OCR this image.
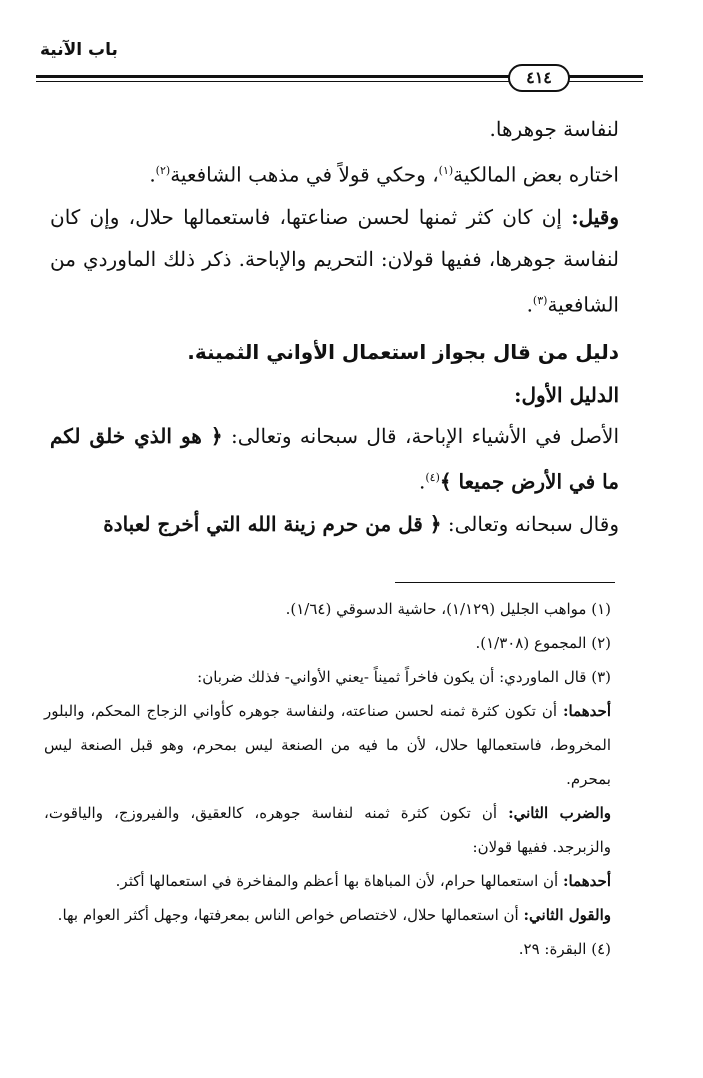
باب الآنية
٤١٤

لنفاسة جوهرها.

اختاره بعض المالكية$^{(١)}$، وحكي قولاً في مذهب الشافعية$^{(٢)}$.

وقيل: إن كان كثر ثمنها لحسن صناعتها، فاستعمالها حلال، وإن كان لنفاسة جوهرها، ففيها قولان: التحريم والإباحة. ذكر ذلك الماوردي من الشافعية$^{(٣)}$.

دليل من قال بجواز استعمال الأواني الثمينة.

الدليل الأول:

الأصل في الأشياء الإباحة، قال سبحانه وتعالى: ﴿ هو الذي خلق لكم ما في الأرض جميعا ﴾$^{(٤)}$.

وقال سبحانه وتعالى: ﴿ قل من حرم زينة الله التي أخرج لعبادة

(١) مواهب الجليل (١/١٢٩)، حاشية الدسوقي (١/٦٤).

(٢) المجموع (١/٣٠٨).

(٣) قال الماوردي: أن يكون فاخراً ثميناً -يعني الأواني- فذلك ضربان:

أحدهما: أن تكون كثرة ثمنه لحسن صناعته، ولنفاسة جوهره كأواني الزجاج المحكم، والبلور المخروط، فاستعمالها حلال، لأن ما فيه من الصنعة ليس بمحرم، وهو قبل الصنعة ليس بمحرم.

والضرب الثاني: أن تكون كثرة ثمنه لنفاسة جوهره، كالعقيق، والفيروزج، والياقوت، والزبرجد. ففيها قولان:

أحدهما: أن استعمالها حرام، لأن المباهاة بها أعظم والمفاخرة في استعمالها أكثر.

والقول الثاني: أن استعمالها حلال، لاختصاص خواص الناس بمعرفتها، وجهل أكثر العوام بها.

(٤) البقرة: ٢٩.
